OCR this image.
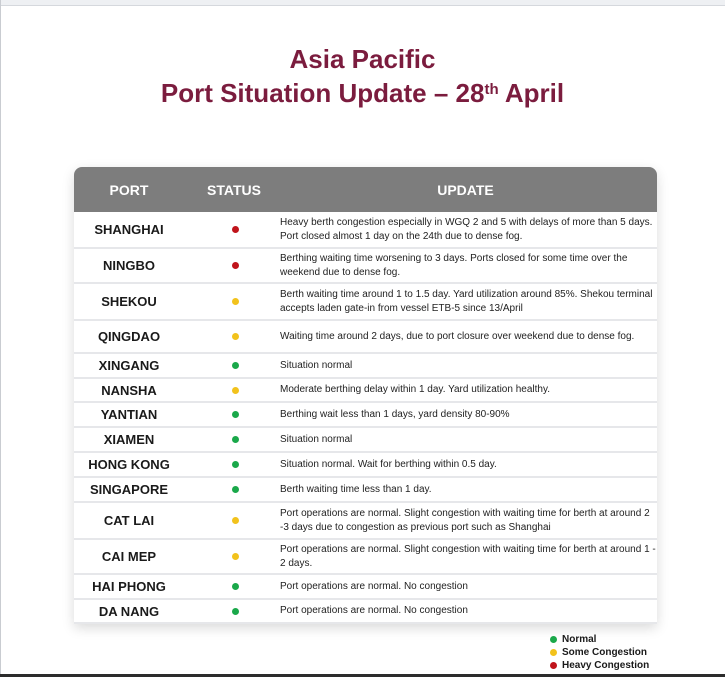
Asia Pacific
Port Situation Update – 28th April
PORT	STATUS	UPDATE
SHANGHAI	Heavy berth congestion especially in WGQ 2 and 5 with delays of more than 5 days. Port closed almost 1 day on the 24th due to dense fog.
NINGBO	Berthing waiting time worsening to 3 days. Ports closed for some time over the weekend due to dense fog.
SHEKOU	Berth waiting time around 1 to 1.5 day. Yard utilization around 85%. Shekou terminal accepts laden gate-in from vessel ETB-5 since 13/April
QINGDAO	Waiting time around 2 days, due to port closure over weekend due to dense fog.
XINGANG	Situation normal
NANSHA	Moderate berthing delay within 1 day. Yard utilization healthy.
YANTIAN	Berthing wait less than 1 days, yard density 80-90%
XIAMEN	Situation normal
HONG KONG	Situation normal. Wait for berthing within 0.5 day.
SINGAPORE	Berth waiting time less than 1 day.
CAT LAI	Port operations are normal. Slight congestion with waiting time for berth at around 2 -3 days due to congestion as previous port such as Shanghai
CAI MEP	Port operations are normal. Slight congestion with waiting time for berth at around 1 - 2 days.
HAI PHONG	Port operations are normal. No congestion
DA NANG	Port operations are normal. No congestion
Normal
Some Congestion
Heavy Congestion
